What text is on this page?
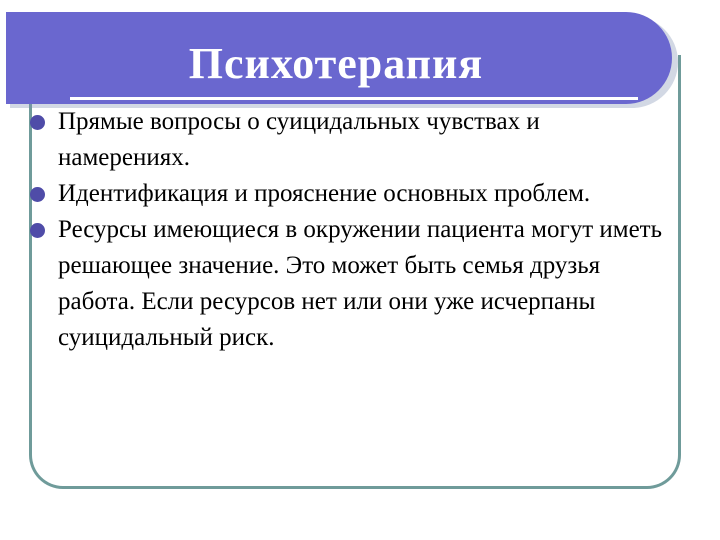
Психотерапия
Прямые вопросы о суицидальных чувствах и намерениях.
Идентификация и прояснение основных проблем.
Ресурсы имеющиеся в окружении пациента могут иметь решающее значение. Это может быть семья друзья работа. Если ресурсов нет или они уже исчерпаны суицидальный риск.
